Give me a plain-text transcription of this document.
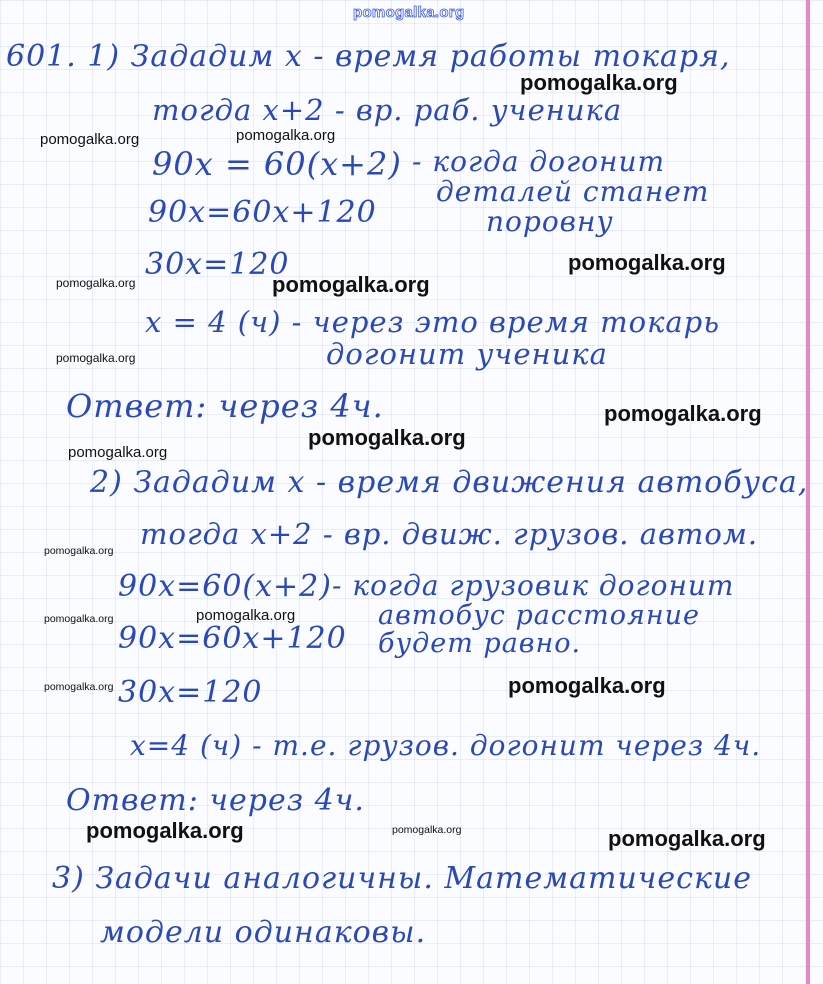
pomogalka.org

601. 1) Зададим x - время работы токаря,

тогда x+2 - вр. раб. ученика

90x = 60(x+2) - когда догонит

деталей станет

поровну

90x=60x+120

30x=120

x = 4 (ч) - через это время токарь

догонит ученика

Ответ: через 4ч.

2) Зададим x - время движения автобуса,

тогда x+2 - вр. движ. грузов. автом.

90x=60(x+2) - когда грузовик догонит

автобус расстояние

будет равно.

90x=60x+120

30x=120

x=4 (ч) - т.е. грузов. догонит через 4ч.

Ответ: через 4ч.

3) Задачи аналогичны. Математические

модели одинаковы.

pomogalka.org

pomogalka.org	pomogalka.org

pomogalka.org

pomogalka.org	pomogalka.org

pomogalka.org

pomogalka.org

pomogalka.org

pomogalka.org

pomogalka.org

pomogalka.org	pomogalka.org

pomogalka.org

pomogalka.org

pomogalka.org	pomogalka.org	pomogalka.org
